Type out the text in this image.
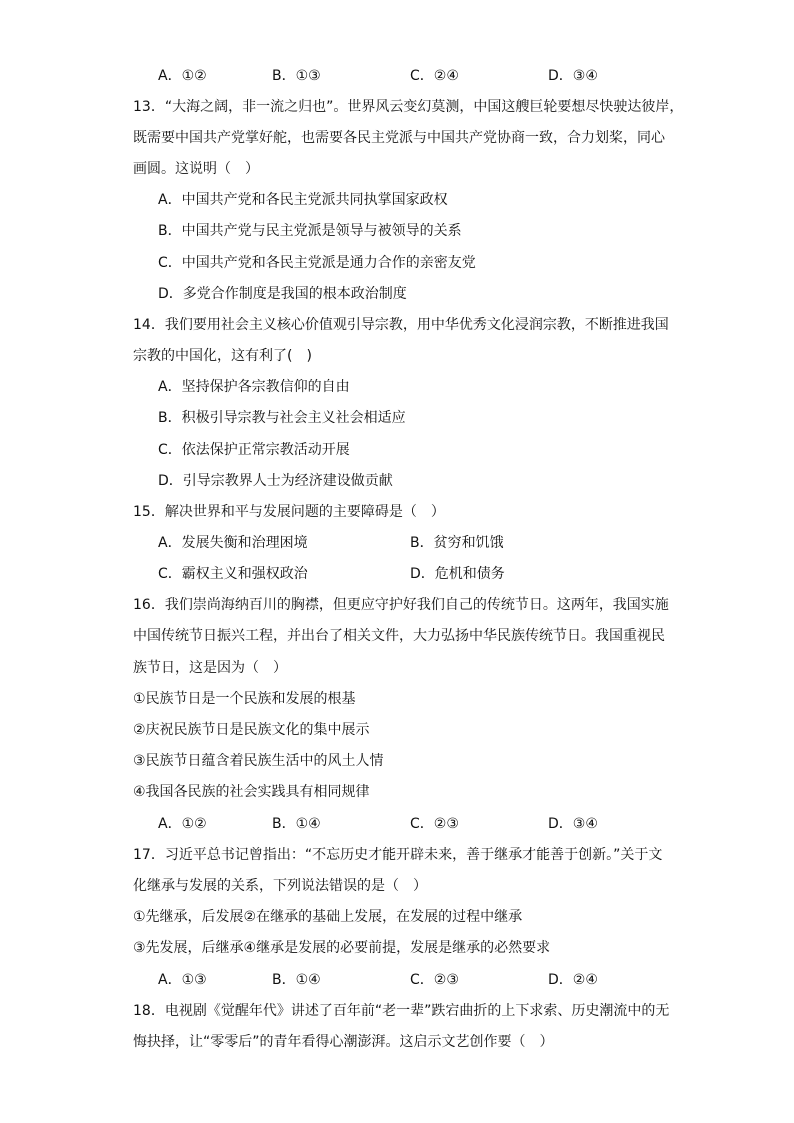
A．①②	B．①③	C．②④	D．③④
13．“大海之阔，非一流之归也”。世界风云变幻莫测，中国这艘巨轮要想尽快驶达彼岸，
既需要中国共产党掌好舵，也需要各民主党派与中国共产党协商一致，合力划桨，同心
画圆。这说明（　）
A．中国共产党和各民主党派共同执掌国家政权
B．中国共产党与民主党派是领导与被领导的关系
C．中国共产党和各民主党派是通力合作的亲密友党
D．多党合作制度是我国的根本政治制度
14．我们要用社会主义核心价值观引导宗教，用中华优秀文化浸润宗教，不断推进我国
宗教的中国化，这有利了(　)
A．坚持保护各宗教信仰的自由
B．积极引导宗教与社会主义社会相适应
C．依法保护正常宗教活动开展
D．引导宗教界人士为经济建设做贡献
15．解决世界和平与发展问题的主要障碍是（　）
A．发展失衡和治理困境	B．贫穷和饥饿
C．霸权主义和强权政治	D．危机和债务
16．我们崇尚海纳百川的胸襟，但更应守护好我们自己的传统节日。这两年，我国实施
中国传统节日振兴工程，并出台了相关文件，大力弘扬中华民族传统节日。我国重视民
族节日，这是因为（　）
①民族节日是一个民族和发展的根基
②庆祝民族节日是民族文化的集中展示
③民族节日蕴含着民族生活中的风土人情
④我国各民族的社会实践具有相同规律
A．①②	B．①④	C．②③	D．③④
17．习近平总书记曾指出：“不忘历史才能开辟未来，善于继承才能善于创新。”关于文
化继承与发展的关系，下列说法错误的是（　）
①先继承，后发展②在继承的基础上发展，在发展的过程中继承
③先发展，后继承④继承是发展的必要前提，发展是继承的必然要求
A．①③	B．①④	C．②③	D．②④
18．电视剧《觉醒年代》讲述了百年前“老一辈”跌宕曲折的上下求索、历史潮流中的无
悔抉择，让“零零后”的青年看得心潮澎湃。这启示文艺创作要（　）
